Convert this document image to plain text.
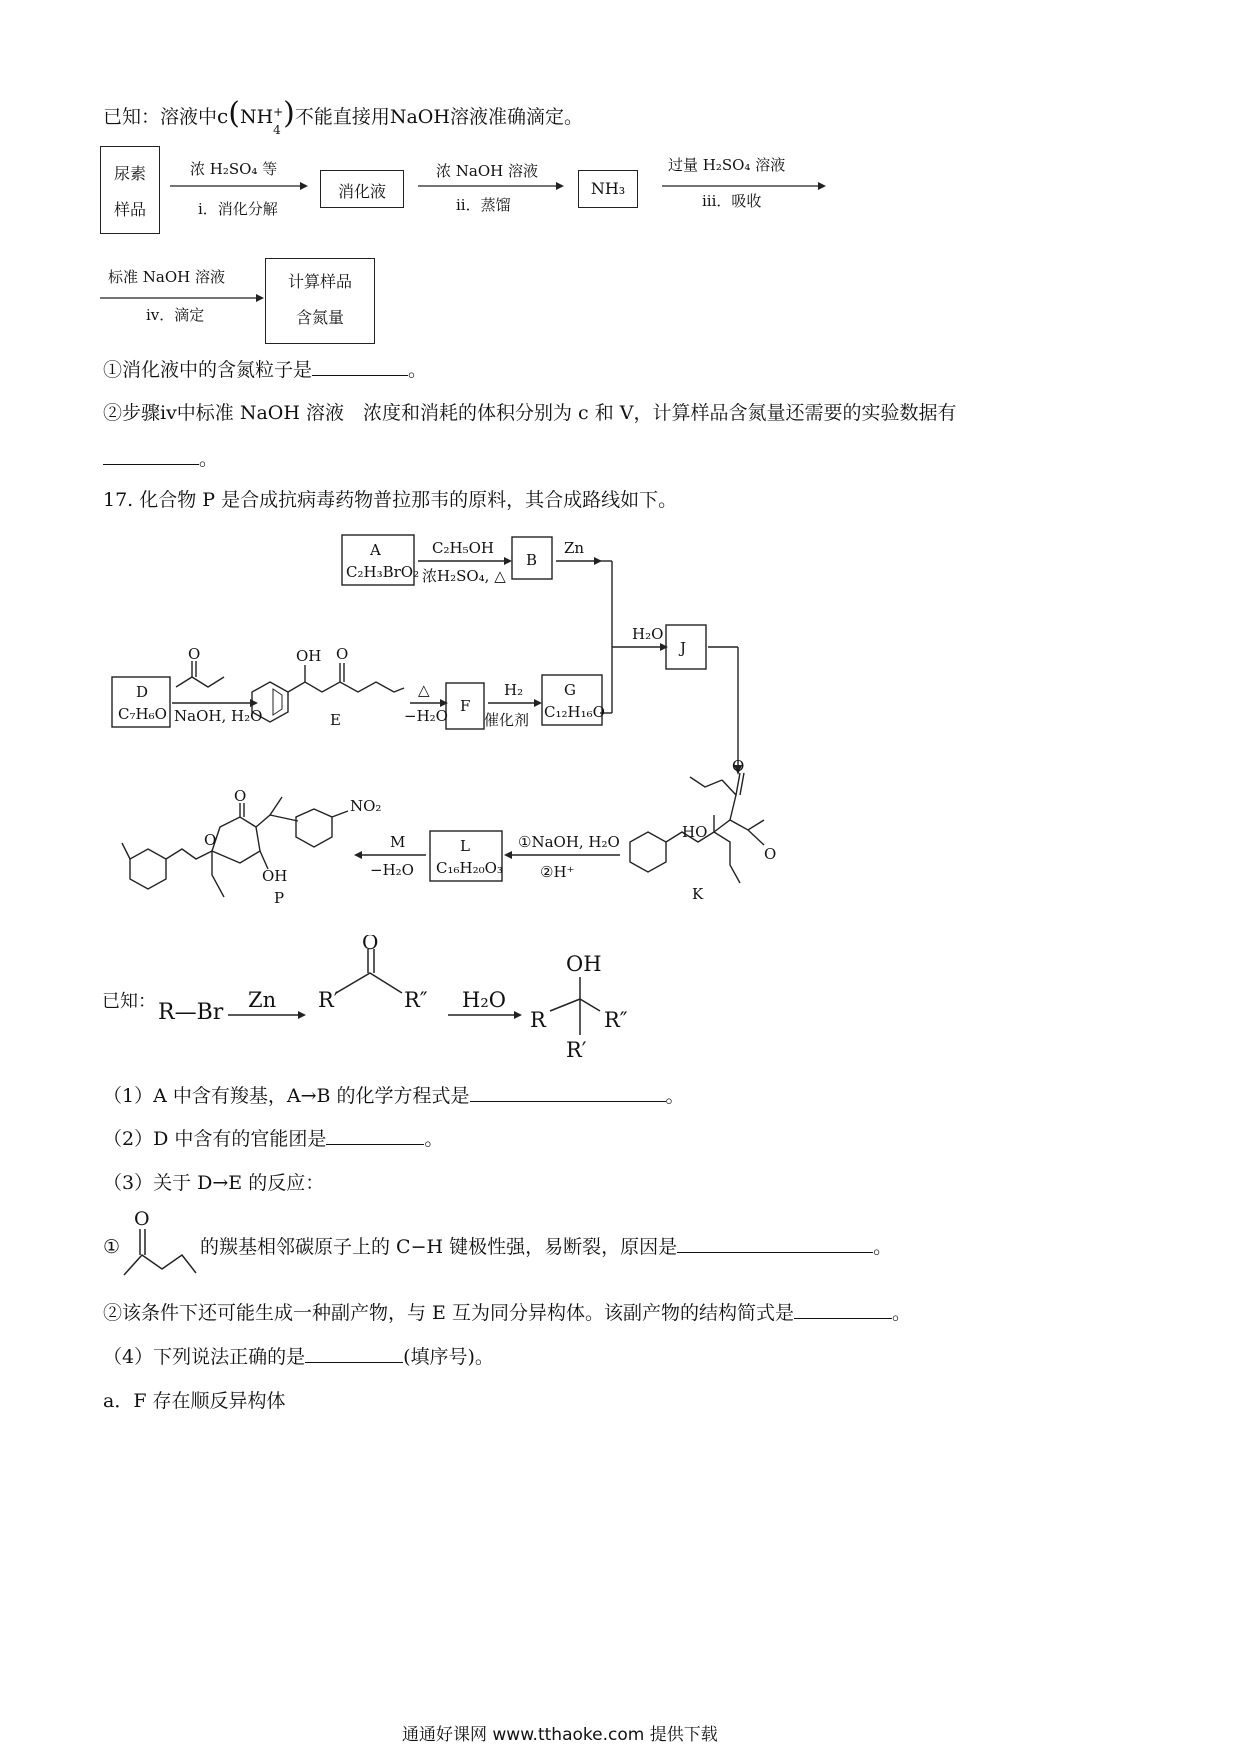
已知：溶液中c(NH +
4 )不能直接用NaOH溶液准确滴定。
尿素
样品
浓 H₂SO₄ 等
i．消化分解
消化液
浓 NaOH 溶液
ii．蒸馏
NH₃
过量 H₂SO₄ 溶液
iii．吸收
标准 NaOH 溶液
iv．滴定
计算样品
含氮量
①消化液中的含氮粒子是	。
②步骤ⅳ中标准 NaOH 溶液　浓度和消耗的体积分别为 c 和 V，计算样品含氮量还需要的实验数据有
。
17. 化合物 P 是合成抗病毒药物普拉那韦的原料，其合成路线如下。
A
C₂H₃BrO₂
C₂H₅OH
浓H₂SO₄, △
B
Zn
H₂O
J
D
C₇H₆O NaOH, H₂O
O	OH O
E
△
−H₂O
F
H₂
催化剂
G
C₁₂H₁₆O
HO
O
O
K
①NaOH, H₂O
②H⁺
L
C₁₆H₂₀O₃
M
−H₂O
O
O
OH
NO₂
P
已知： R—Br Zn
O
R′	R″ H₂O
OH
R	R″
R′
（1）A 中含有羧基，A→B 的化学方程式是	。
（2）D 中含有的官能团是	。
（3）关于 D→E 的反应：
①
O
的羰基相邻碳原子上的 C−H 键极性强，易断裂，原因是	。
②该条件下还可能生成一种副产物，与 E 互为同分异构体。该副产物的结构简式是	。
（4）下列说法正确的是	(填序号)。
a．F 存在顺反异构体
通通好课网 www.tthaoke.com 提供下载
